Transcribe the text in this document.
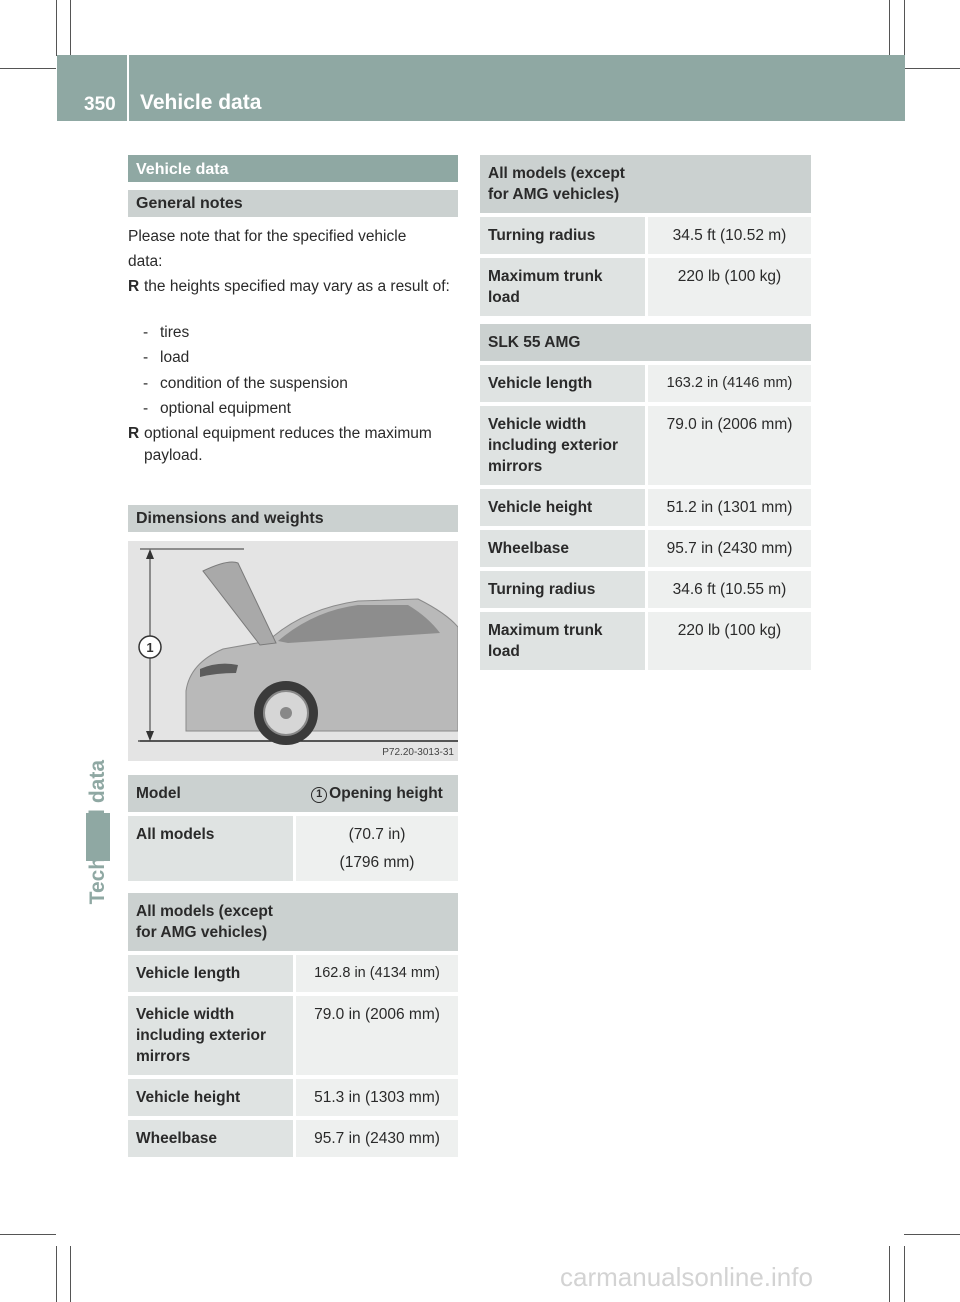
350 Vehicle data
Vehicle data
General notes
Please note that for the specified vehicle data:
R the heights specified may vary as a result of:
- tires
- load
- condition of the suspension
- optional equipment
R optional equipment reduces the maximum payload.
Dimensions and weights
1
P72.20-3013-31
Model	1 Opening height
All models	(70.7 in)
(1796 mm)
All models (except for AMG vehicles)	
Vehicle length	162.8 in (4134 mm)
Vehicle width including exterior mirrors	79.0 in (2006 mm)
Vehicle height	51.3 in (1303 mm)
Wheelbase	95.7 in (2430 mm)
All models (except for AMG vehicles)	
Turning radius	34.5 ft (10.52 m)
Maximum trunk load	220 lb (100 kg)
SLK 55 AMG	
Vehicle length	163.2 in (4146 mm)
Vehicle width including exterior mirrors	79.0 in (2006 mm)
Vehicle height	51.2 in (1301 mm)
Wheelbase	95.7 in (2430 mm)
Turning radius	34.6 ft (10.55 m)
Maximum trunk load	220 lb (100 kg)
carmanualsonline.info
